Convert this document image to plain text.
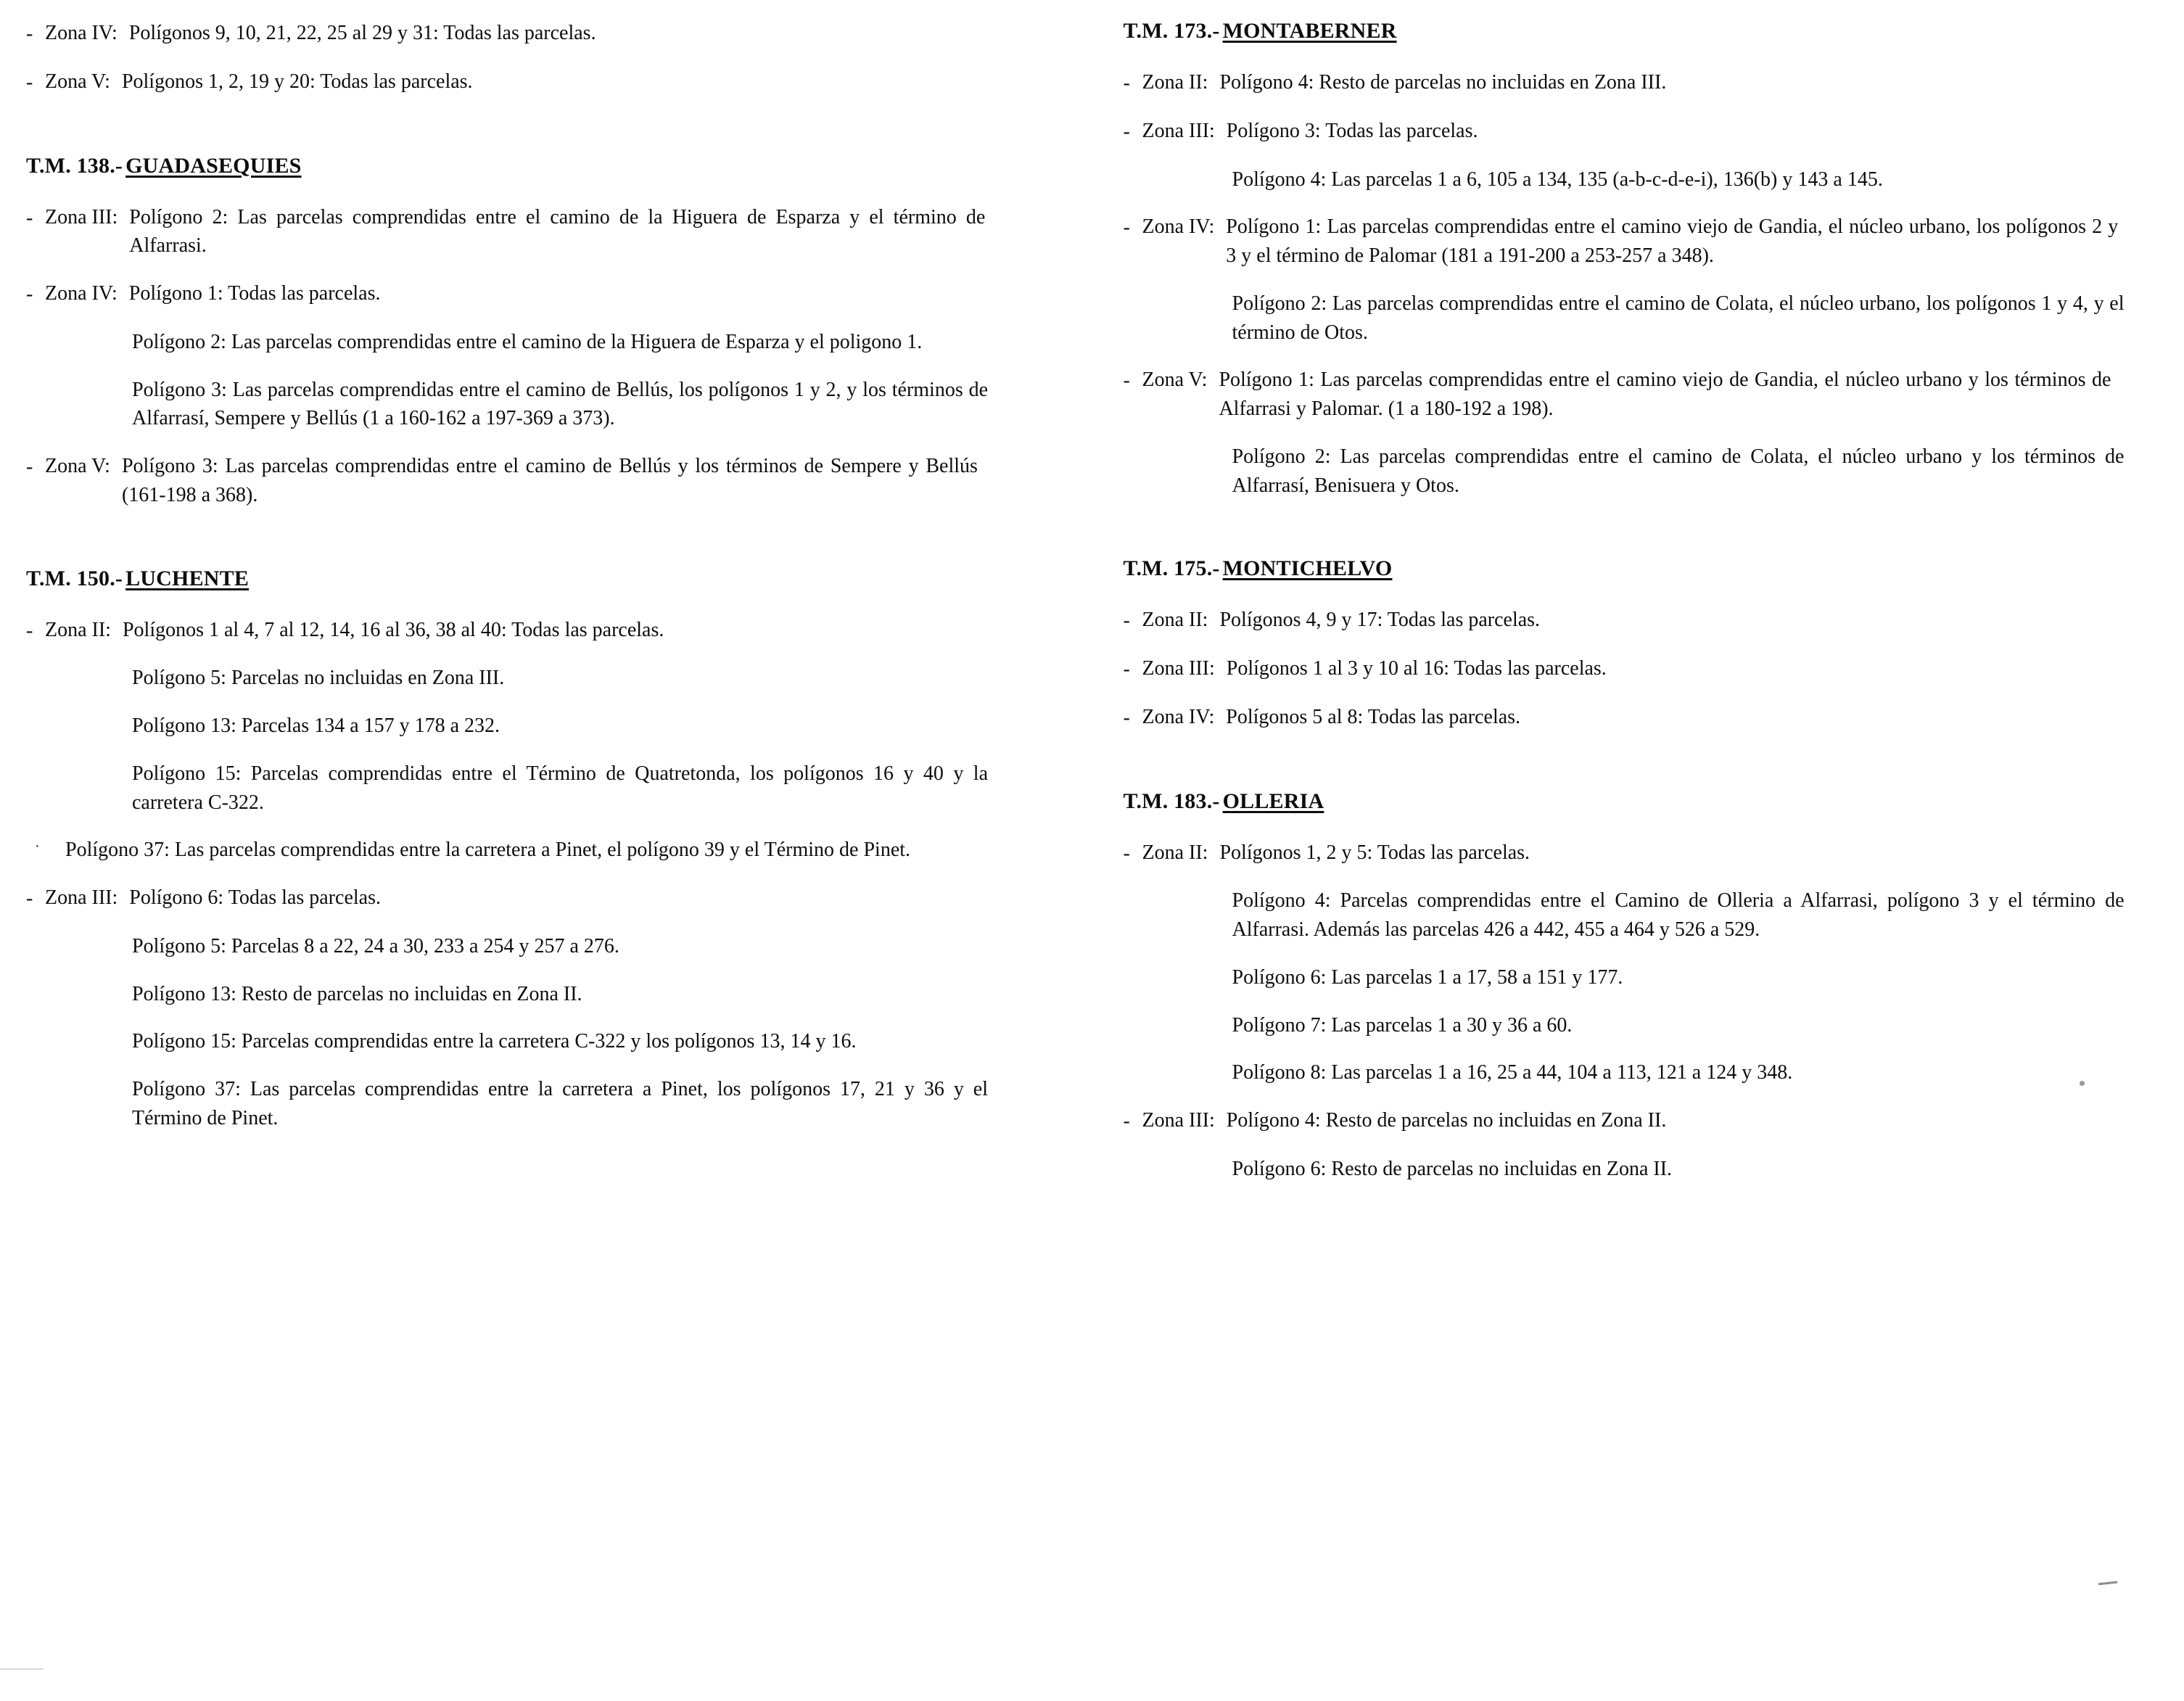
- Zona IV: Polígonos 9, 10, 21, 22, 25 al 29 y 31: Todas las parcelas.
- Zona V: Polígonos 1, 2, 19 y 20: Todas las parcelas.
T.M. 138.- GUADASEQUIES
- Zona III: Polígono 2: Las parcelas comprendidas entre el camino de la Higuera de Esparza y el término de Alfarrasi.
- Zona IV: Polígono 1: Todas las parcelas.

Polígono 2: Las parcelas comprendidas entre el camino de la Higuera de Esparza y el poligono 1.

Polígono 3: Las parcelas comprendidas entre el camino de Bellús, los polígonos 1 y 2, y los términos de Alfarrasí, Sempere y Bellús (1 a 160-162 a 197-369 a 373).

- Zona V: Polígono 3: Las parcelas comprendidas entre el camino de Bellús y los términos de Sempere y Bellús (161-198 a 368).
T.M. 150.- LUCHENTE
- Zona II: Polígonos 1 al 4, 7 al 12, 14, 16 al 36, 38 al 40: Todas las parcelas.

Polígono 5: Parcelas no incluidas en Zona III.

Polígono 13: Parcelas 134 a 157 y 178 a 232.

Polígono 15: Parcelas comprendidas entre el Término de Quatretonda, los polígonos 16 y 40 y la carretera C-322.

·	Polígono 37: Las parcelas comprendidas entre la carretera a Pinet, el polígono 39 y el Término de Pinet.
- Zona III: Polígono 6: Todas las parcelas.

Polígono 5: Parcelas 8 a 22, 24 a 30, 233 a 254 y 257 a 276.

Polígono 13: Resto de parcelas no incluidas en Zona II.

Polígono 15: Parcelas comprendidas entre la carretera C-322 y los polígonos 13, 14 y 16.

Polígono 37: Las parcelas comprendidas entre la carretera a Pinet, los polígonos 17, 21 y 36 y el Término de Pinet.

T.M. 173.- MONTABERNER
- Zona II: Polígono 4: Resto de parcelas no incluidas en Zona III.
- Zona III: Polígono 3: Todas las parcelas.

Polígono 4: Las parcelas 1 a 6, 105 a 134, 135 (a-b-c-d-e-i), 136(b) y 143 a 145.

- Zona IV: Polígono 1: Las parcelas comprendidas entre el camino viejo de Gandia, el núcleo urbano, los polígonos 2 y 3 y el término de Palomar (181 a 191-200 a 253-257 a 348).

Polígono 2: Las parcelas comprendidas entre el camino de Colata, el núcleo urbano, los polígonos 1 y 4, y el término de Otos.

- Zona V: Polígono 1: Las parcelas comprendidas entre el camino viejo de Gandia, el núcleo urbano y los términos de Alfarrasi y Palomar. (1 a 180-192 a 198).

Polígono 2: Las parcelas comprendidas entre el camino de Colata, el núcleo urbano y los términos de Alfarrasí, Benisuera y Otos.

T.M. 175.- MONTICHELVO
- Zona II: Polígonos 4, 9 y 17: Todas las parcelas.
- Zona III: Polígonos 1 al 3 y 10 al 16: Todas las parcelas.
- Zona IV: Polígonos 5 al 8: Todas las parcelas.
T.M. 183.- OLLERIA
- Zona II: Polígonos 1, 2 y 5: Todas las parcelas.

Polígono 4: Parcelas comprendidas entre el Camino de Olleria a Alfarrasi, polígono 3 y el término de Alfarrasi. Además las parcelas 426 a 442, 455 a 464 y 526 a 529.

Polígono 6: Las parcelas 1 a 17, 58 a 151 y 177.

Polígono 7: Las parcelas 1 a 30 y 36 a 60.

Polígono 8: Las parcelas 1 a 16, 25 a 44, 104 a 113, 121 a 124 y 348.

- Zona III: Polígono 4: Resto de parcelas no incluidas en Zona II.

Polígono 6: Resto de parcelas no incluidas en Zona II.
